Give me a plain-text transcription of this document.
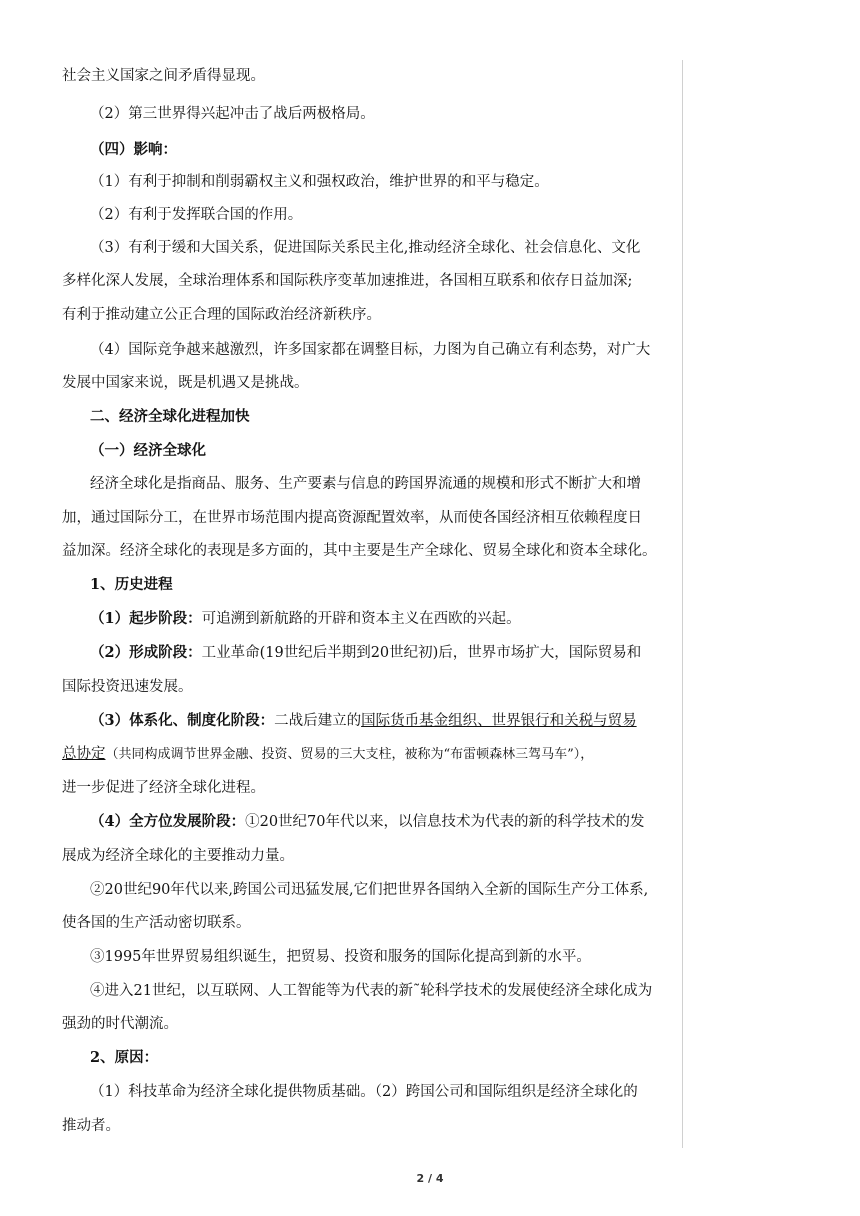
社会主义国家之间矛盾得显现。
（2）第三世界得兴起冲击了战后两极格局。
（四）影响：
（1）有利于抑制和削弱霸权主义和强权政治，维护世界的和平与稳定。
（2）有利于发挥联合国的作用。
（3）有利于缓和大国关系，促进国际关系民主化,推动经济全球化、社会信息化、文化
多样化深人发展，全球治理体系和国际秩序变革加速推进，各国相互联系和依存日益加深;
有利于推动建立公正合理的国际政治经济新秩序。
（4）国际竞争越来越激烈，许多国家都在调整目标，力图为自己确立有利态势，对广大
发展中国家来说，既是机遇又是挑战。
二、经济全球化进程加快
（一）经济全球化
经济全球化是指商品、服务、生产要素与信息的跨国界流通的规模和形式不断扩大和增
加，通过国际分工，在世界市场范围内提高资源配置效率，从而使各国经济相互依赖程度日
益加深。经济全球化的表现是多方面的，其中主要是生产全球化、贸易全球化和资本全球化。
1、历史进程
（1）起步阶段：可追溯到新航路的开辟和资本主义在西欧的兴起。
（2）形成阶段：工业革命(19世纪后半期到20世纪初)后，世界市场扩大，国际贸易和
国际投资迅速发展。
（3）体系化、制度化阶段：二战后建立的国际货币基金组织、世界银行和关税与贸易
总协定（共同构成调节世界金融、投资、贸易的三大支柱，被称为“布雷顿森林三驾马车”），
进一步促进了经济全球化进程。
（4）全方位发展阶段：①20世纪70年代以来，以信息技术为代表的新的科学技术的发
展成为经济全球化的主要推动力量。
②20世纪90年代以来,跨国公司迅猛发展,它们把世界各国纳入全新的国际生产分工体系,
使各国的生产活动密切联系。
③1995年世界贸易组织诞生，把贸易、投资和服务的国际化提高到新的水平。
④进入21世纪，以互联网、人工智能等为代表的新˜轮科学技术的发展使经济全球化成为
强劲的时代潮流。
2、原因：
（1）科技革命为经济全球化提供物质基础。（2）跨国公司和国际组织是经济全球化的
推动者。
2 / 4
